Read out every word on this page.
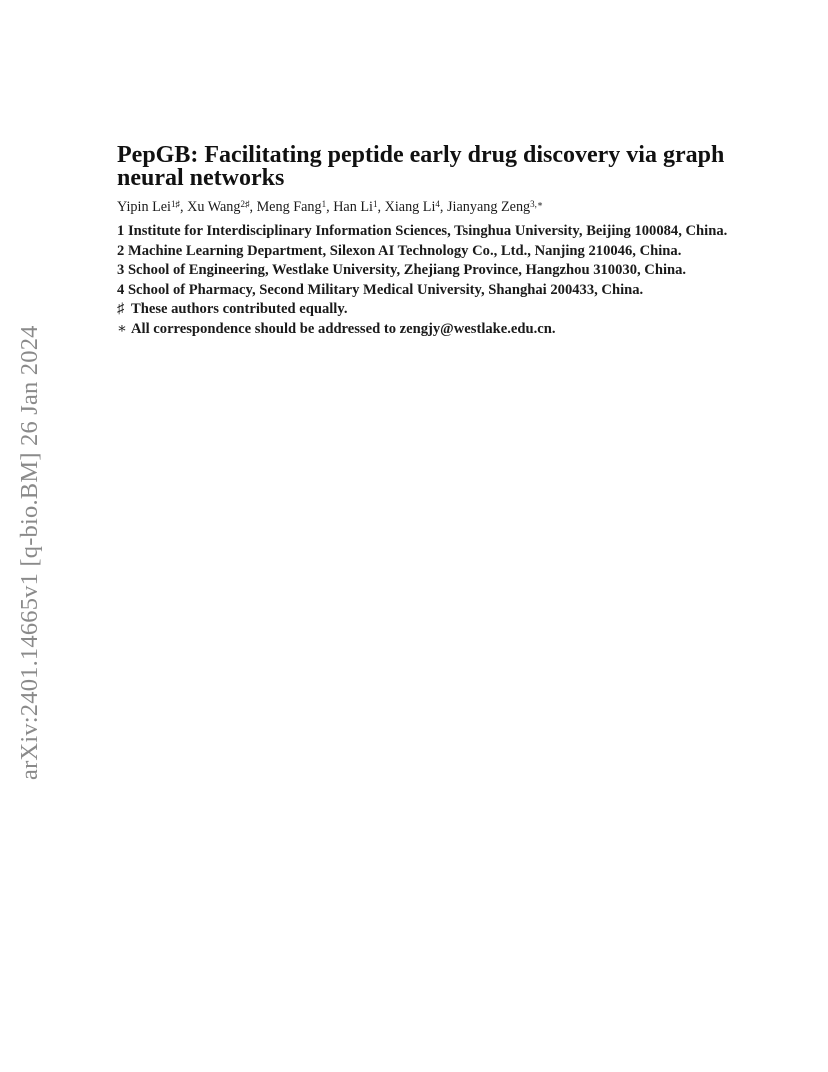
arXiv:2401.14665v1 [q-bio.BM] 26 Jan 2024
PepGB: Facilitating peptide early drug discovery via graph neural networks
Yipin Lei$^{1♯}$, Xu Wang$^{2♯}$, Meng Fang$^1$, Han Li$^1$, Xiang Li$^4$, Jianyang Zeng$^{3,∗}$
1 Institute for Interdisciplinary Information Sciences, Tsinghua University, Beijing 100084, China.
2 Machine Learning Department, Silexon AI Technology Co., Ltd., Nanjing 210046, China.
3 School of Engineering, Westlake University, Zhejiang Province, Hangzhou 310030, China.
4 School of Pharmacy, Second Military Medical University, Shanghai 200433, China.
♯ These authors contributed equally.
∗ All correspondence should be addressed to zengjy@westlake.edu.cn.
